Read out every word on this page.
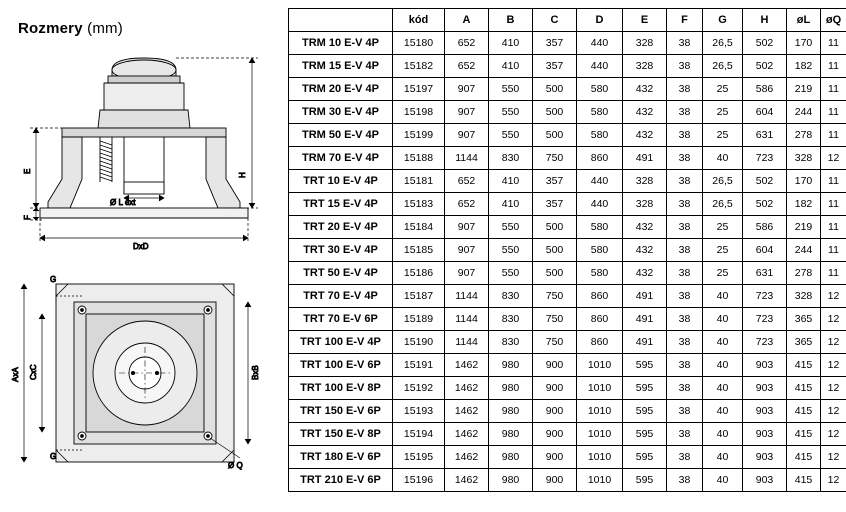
Rozmery (mm)
H
E
F
Ø L ext
DxD
AxA CxC	BxB
G
G
Ø Q
	kód	A	B	C	D	E	F	G	H	øL	øQ
TRM 10 E-V 4P	15180	652	410	357	440	328	38	26,5	502	170	11
TRM 15 E-V 4P	15182	652	410	357	440	328	38	26,5	502	182	11
TRM 20 E-V 4P	15197	907	550	500	580	432	38	25	586	219	11
TRM 30 E-V 4P	15198	907	550	500	580	432	38	25	604	244	11
TRM 50 E-V 4P	15199	907	550	500	580	432	38	25	631	278	11
TRM 70 E-V 4P	15188	1144	830	750	860	491	38	40	723	328	12
TRT 10 E-V 4P	15181	652	410	357	440	328	38	26,5	502	170	11
TRT 15 E-V 4P	15183	652	410	357	440	328	38	26,5	502	182	11
TRT 20 E-V 4P	15184	907	550	500	580	432	38	25	586	219	11
TRT 30 E-V 4P	15185	907	550	500	580	432	38	25	604	244	11
TRT 50 E-V 4P	15186	907	550	500	580	432	38	25	631	278	11
TRT 70 E-V 4P	15187	1144	830	750	860	491	38	40	723	328	12
TRT 70 E-V 6P	15189	1144	830	750	860	491	38	40	723	365	12
TRT 100 E-V 4P	15190	1144	830	750	860	491	38	40	723	365	12
TRT 100 E-V 6P	15191	1462	980	900	1010	595	38	40	903	415	12
TRT 100 E-V 8P	15192	1462	980	900	1010	595	38	40	903	415	12
TRT 150 E-V 6P	15193	1462	980	900	1010	595	38	40	903	415	12
TRT 150 E-V 8P	15194	1462	980	900	1010	595	38	40	903	415	12
TRT 180 E-V 6P	15195	1462	980	900	1010	595	38	40	903	415	12
TRT 210 E-V 6P	15196	1462	980	900	1010	595	38	40	903	415	12
